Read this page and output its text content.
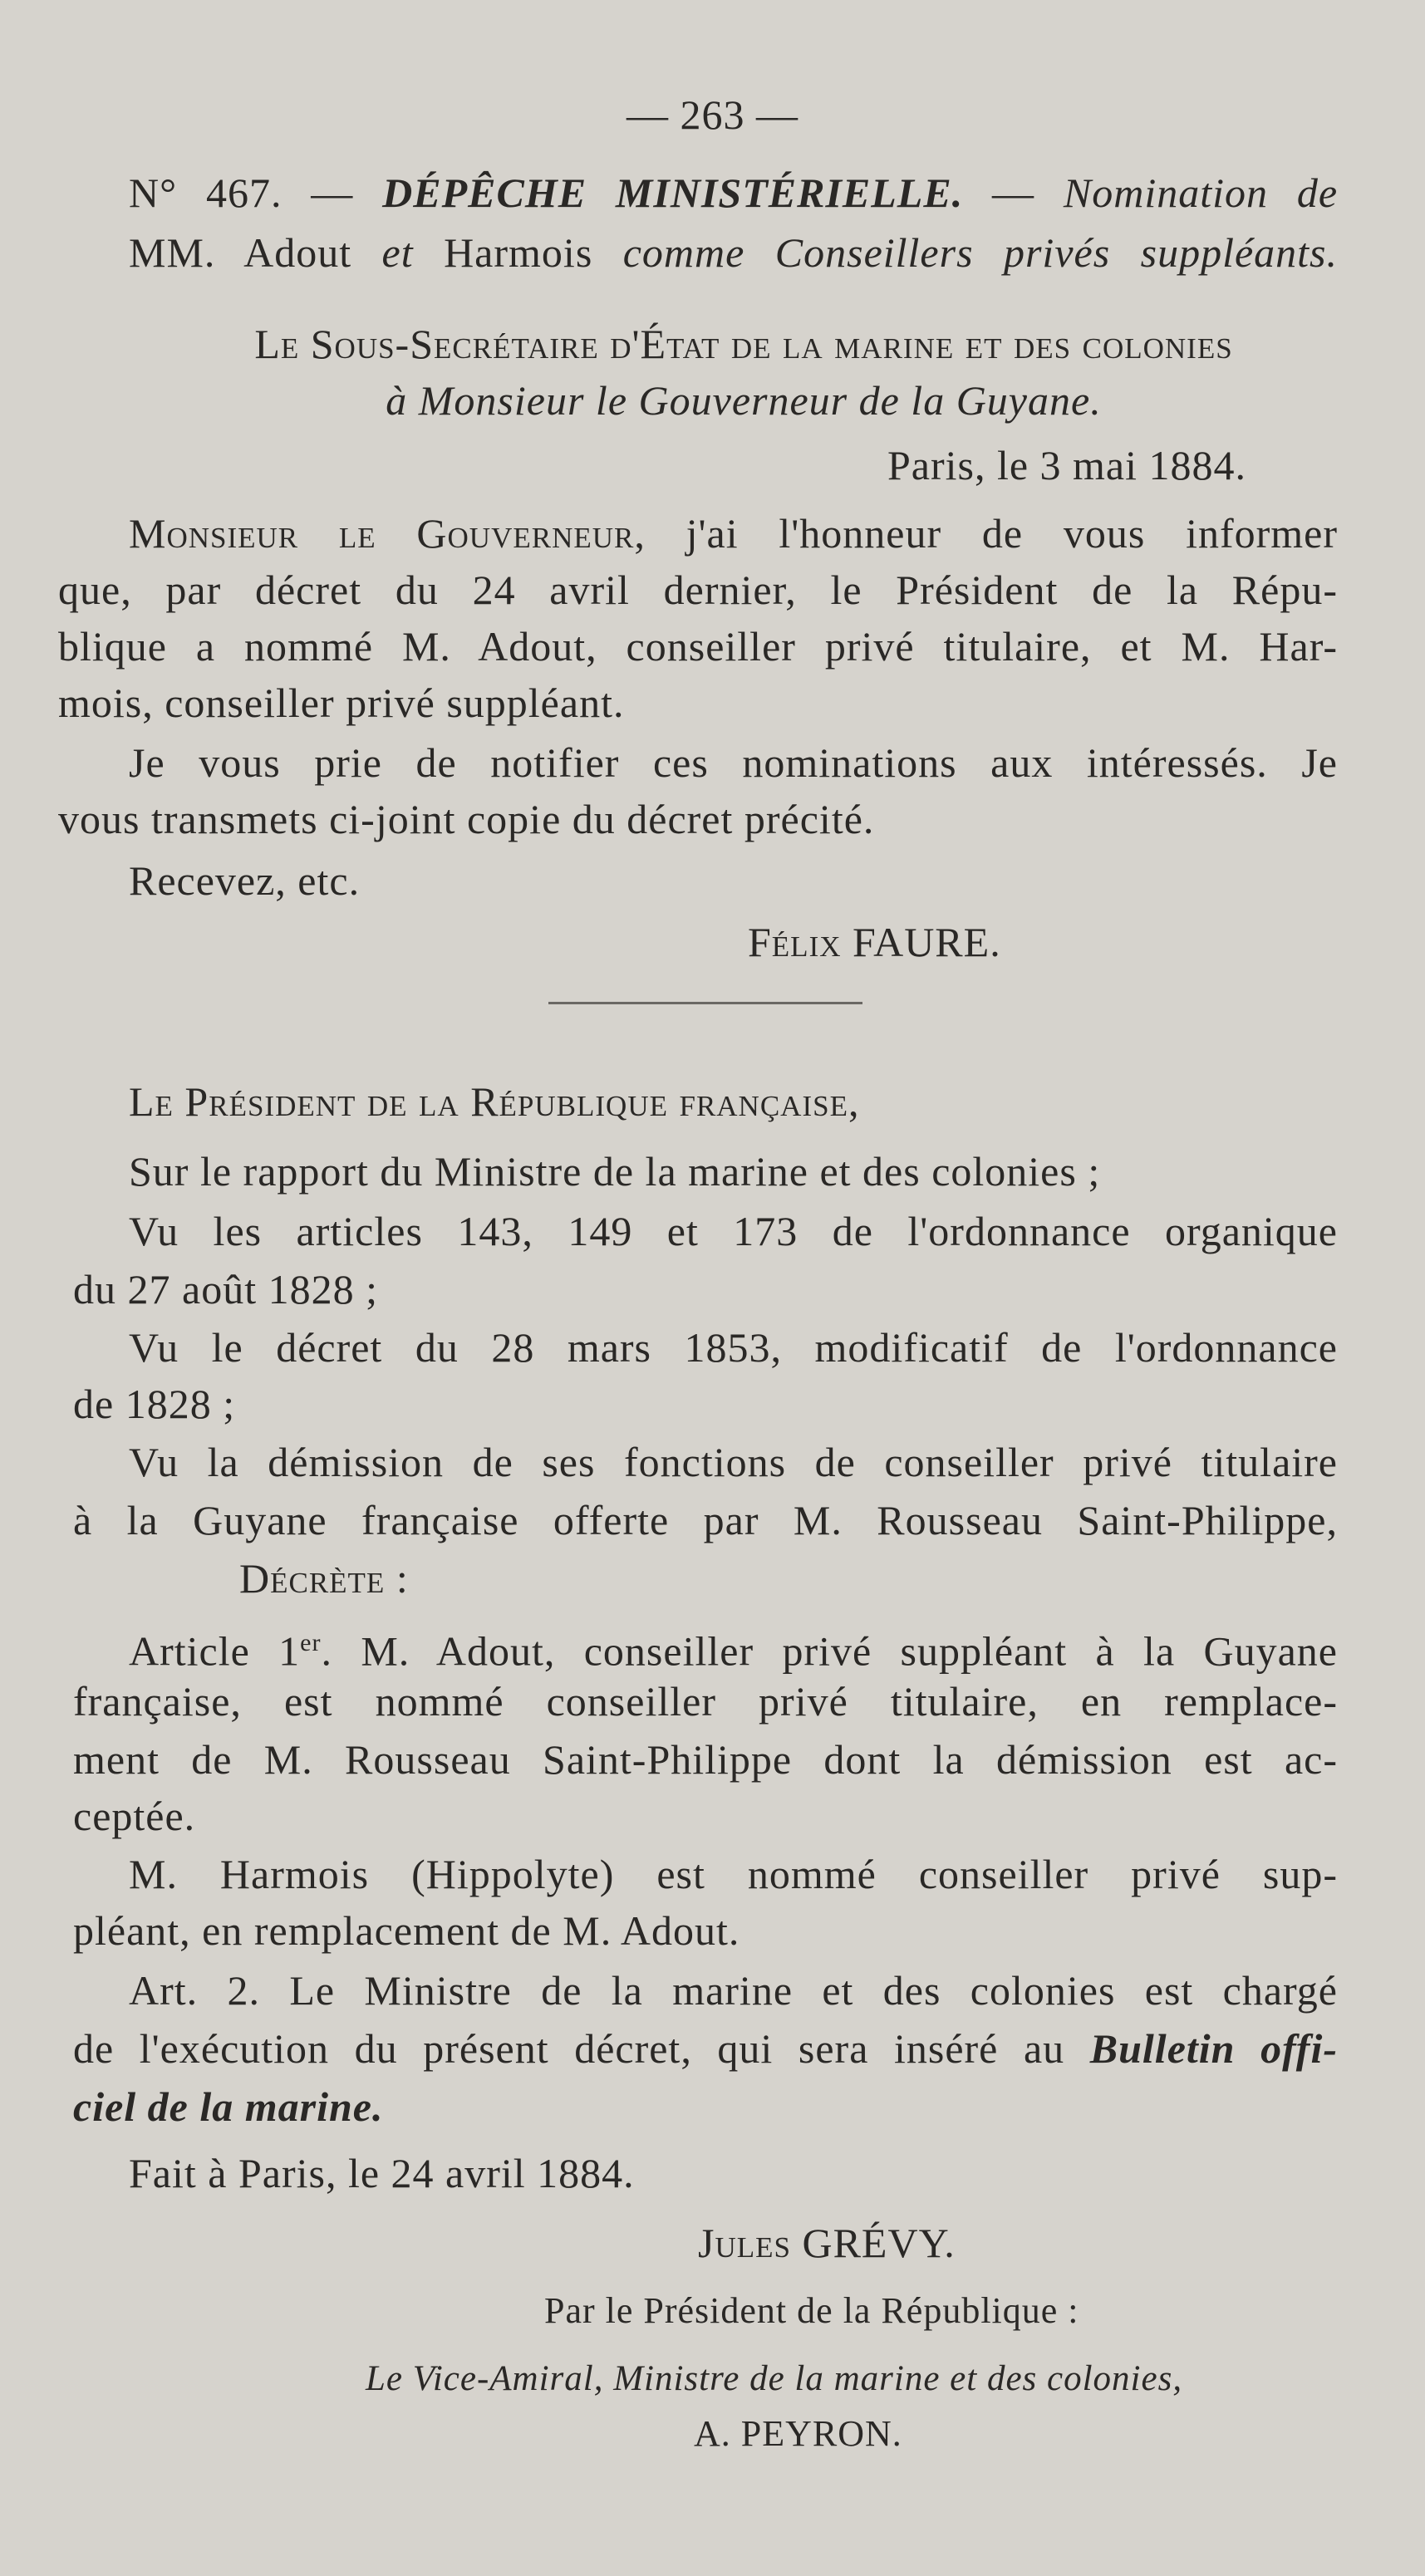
— 263 —

N° 467. — DÉPÊCHE MINISTÉRIELLE. — Nomination de

MM. Adout et Harmois comme Conseillers privés suppléants.

Le Sous-Secrétaire d'État de la marine et des colonies

à Monsieur le Gouverneur de la Guyane.

Paris, le 3 mai 1884.

Monsieur le Gouverneur, j'ai l'honneur de vous informer

que, par décret du 24 avril dernier, le Président de la Répu-

blique a nommé M. Adout, conseiller privé titulaire, et M. Har-

mois, conseiller privé suppléant.

Je vous prie de notifier ces nominations aux intéressés. Je

vous transmets ci-joint copie du décret précité.

Recevez, etc.

Félix FAURE.

Le Président de la République française,

Sur le rapport du Ministre de la marine et des colonies ;

Vu les articles 143, 149 et 173 de l'ordonnance organique

du 27 août 1828 ;

Vu le décret du 28 mars 1853, modificatif de l'ordonnance

de 1828 ;

Vu la démission de ses fonctions de conseiller privé titulaire

à la Guyane française offerte par M. Rousseau Saint-Philippe,

Décrète :

Article 1er. M. Adout, conseiller privé suppléant à la Guyane

française, est nommé conseiller privé titulaire, en remplace-

ment de M. Rousseau Saint-Philippe dont la démission est ac-

ceptée.

M. Harmois (Hippolyte) est nommé conseiller privé sup-

pléant, en remplacement de M. Adout.

Art. 2. Le Ministre de la marine et des colonies est chargé

de l'exécution du présent décret, qui sera inséré au Bulletin offi-

ciel de la marine.

Fait à Paris, le 24 avril 1884.

Jules GRÉVY.

Par le Président de la République :

Le Vice-Amiral, Ministre de la marine et des colonies,

A. PEYRON.
